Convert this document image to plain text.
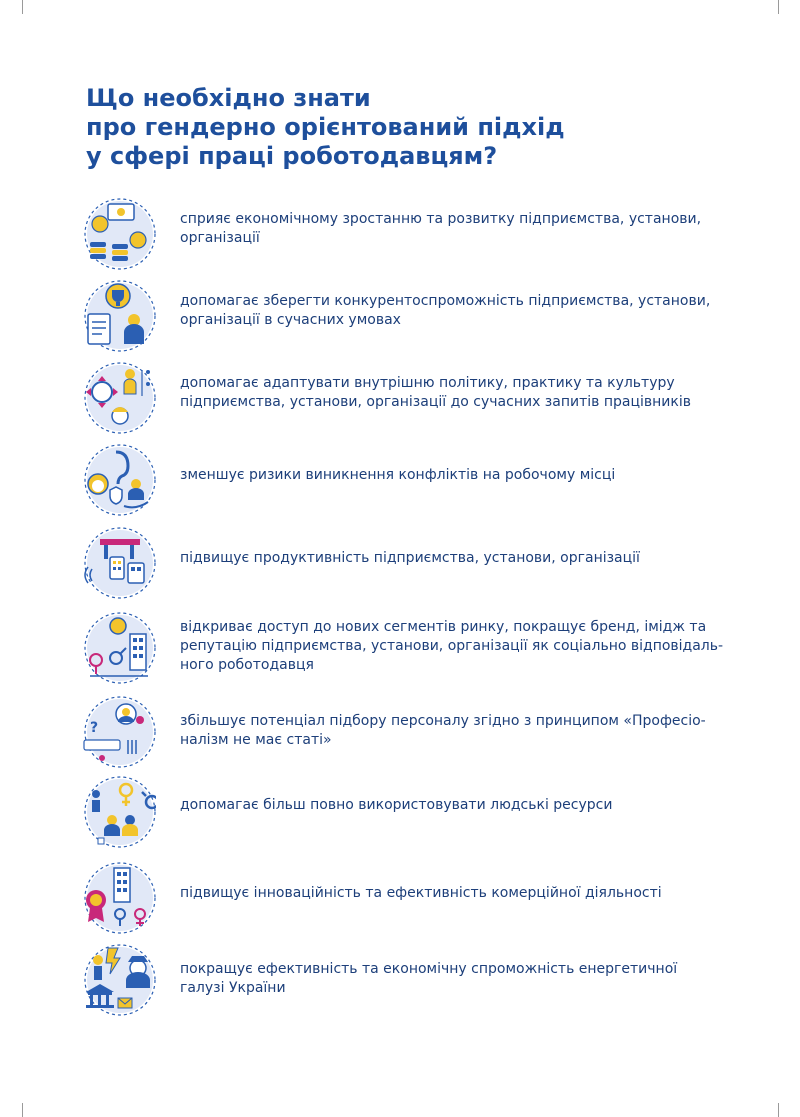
Що необхідно знати
про гендерно орієнтований підхід
у сфері праці роботодавцям?
сприяє економічному зростанню та розвитку підприємства, установи,
організації
допомагає зберегти конкурентоспроможність підприємства, установи,
організації в сучасних умовах
допомагає адаптувати внутрішню політику, практику та культуру
підприємства, установи, організації до сучасних запитів працівників
зменшує ризики виникнення конфліктів на робочому місці
підвищує продуктивність підприємства, установи, організації
відкриває доступ до нових сегментів ринку, покращує бренд, імідж та
репутацію підприємства, установи, організації як соціально відповідаль-
ного роботодавця
?	збільшує потенціал підбору персоналу згідно з принципом «Професіо-
налізм не має статі»
допомагає більш повно використовувати людські ресурси
підвищує інноваційність та ефективність комерційної діяльності
покращує ефективність та економічну спроможність енергетичної
галузі України
